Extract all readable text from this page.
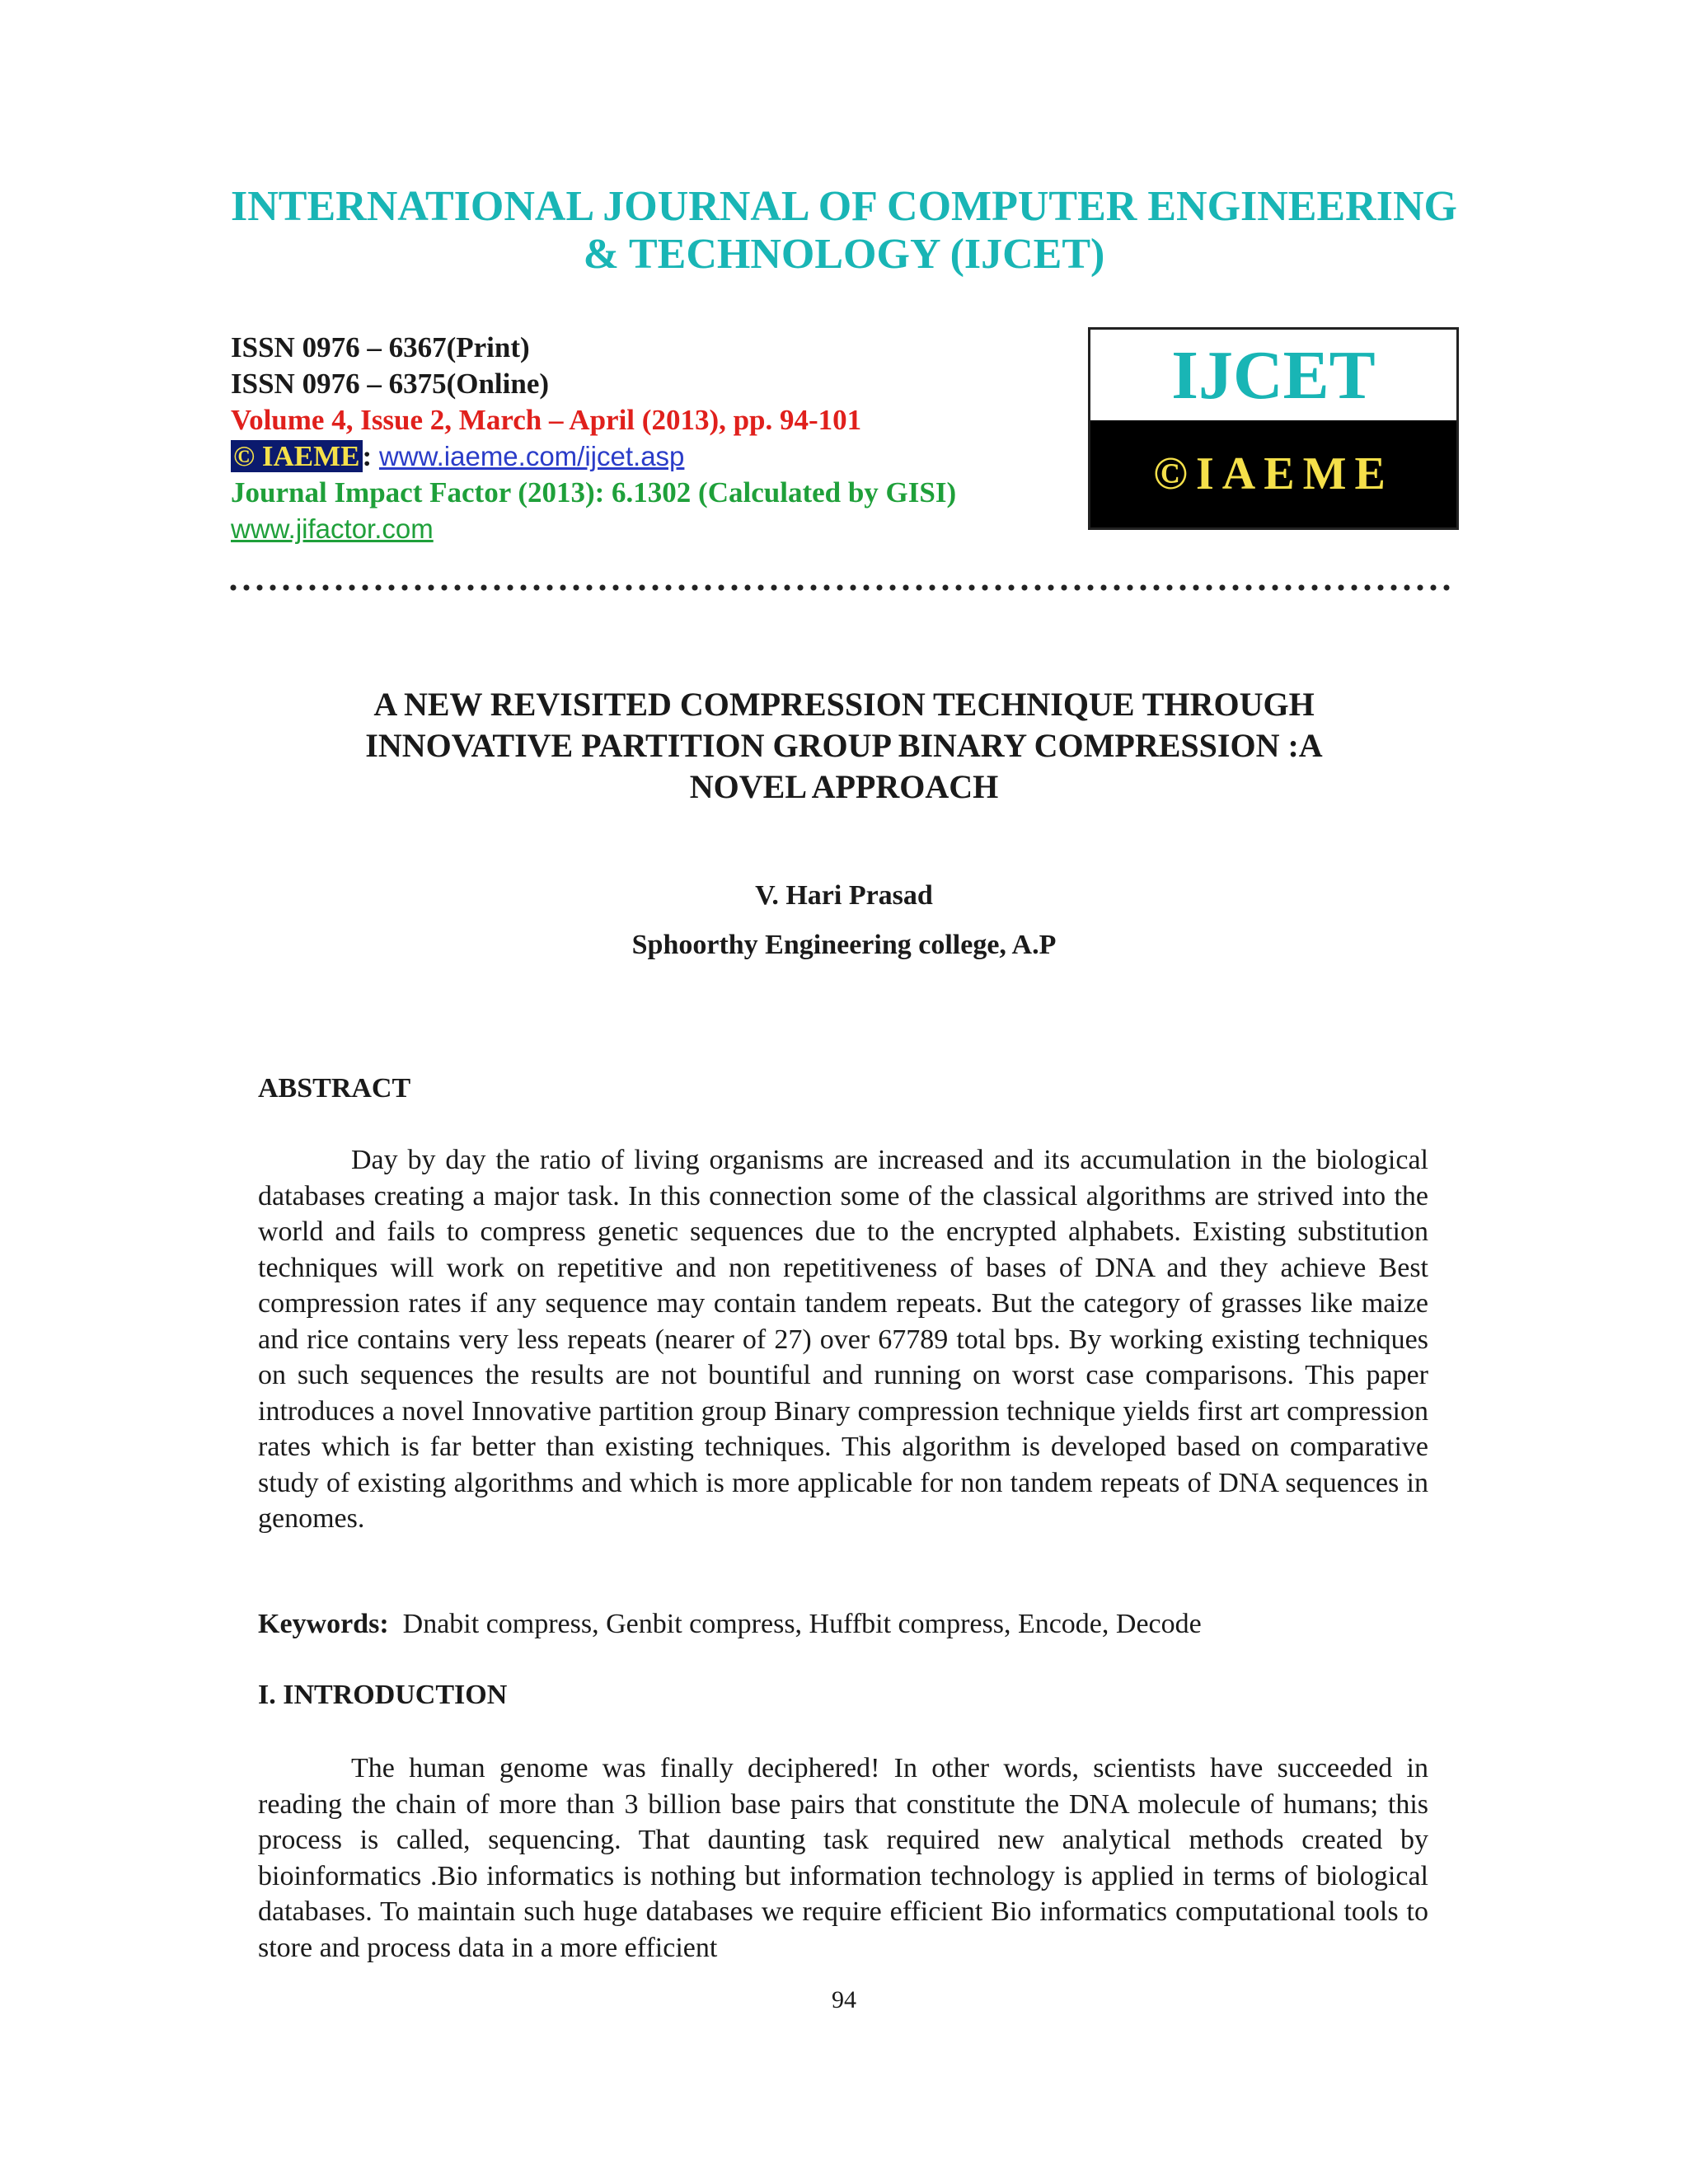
INTERNATIONAL JOURNAL OF COMPUTER ENGINEERING
& TECHNOLOGY (IJCET)
ISSN 0976 – 6367(Print)
ISSN 0976 – 6375(Online)
Volume 4, Issue 2, March – April (2013), pp. 94-101
© IAEME: www.iaeme.com/ijcet.asp
Journal Impact Factor (2013): 6.1302 (Calculated by GISI)
www.jifactor.com
IJCET
©IAEME
A NEW REVISITED COMPRESSION TECHNIQUE THROUGH
INNOVATIVE PARTITION GROUP BINARY COMPRESSION :A
NOVEL APPROACH
V. Hari Prasad
Sphoorthy Engineering college, A.P
ABSTRACT
Day by day the ratio of living organisms are increased and its accumulation in the biological databases creating a major task. In this connection some of the classical algorithms are strived into the world and fails to compress genetic sequences due to the encrypted alphabets. Existing substitution techniques will work on repetitive and non repetitiveness of bases of DNA and they achieve Best compression rates if any sequence may contain tandem repeats. But the category of grasses like maize and rice contains very less repeats (nearer of 27) over 67789 total bps. By working existing techniques on such sequences the results are not bountiful and running on worst case comparisons. This paper introduces a novel Innovative partition group Binary compression technique yields first art compression rates which is far better than existing techniques. This algorithm is developed based on comparative study of existing algorithms and which is more applicable for non tandem repeats of DNA sequences in genomes.
Keywords: Dnabit compress, Genbit compress, Huffbit compress, Encode, Decode
I. INTRODUCTION
The human genome was finally deciphered! In other words, scientists have succeeded in reading the chain of more than 3 billion base pairs that constitute the DNA molecule of humans; this process is called, sequencing. That daunting task required new analytical methods created by bioinformatics .Bio informatics is nothing but information technology is applied in terms of biological databases. To maintain such huge databases we require efficient Bio informatics computational tools to store and process data in a more efficient
94
